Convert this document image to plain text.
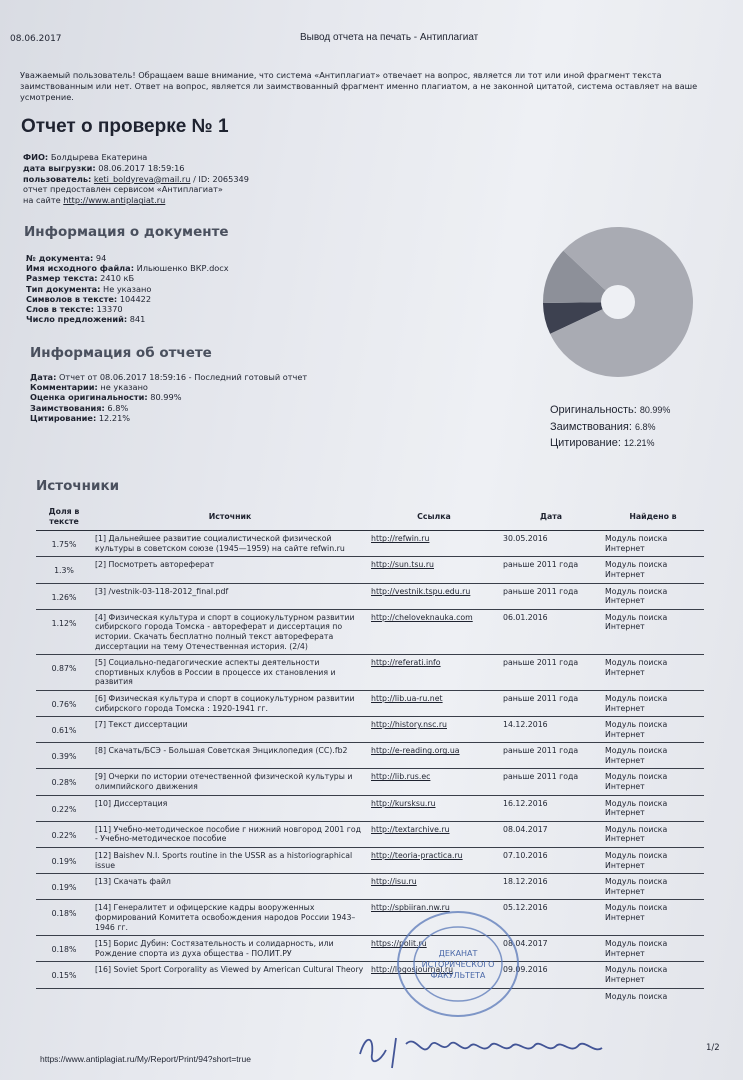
08.06.2017	Вывод отчета на печать - Антиплагиат
Уважаемый пользователь! Обращаем ваше внимание, что система «Антиплагиат» отвечает на вопрос, является ли тот или иной фрагмент текста заимствованным или нет. Ответ на вопрос, является ли заимствованный фрагмент именно плагиатом, а не законной цитатой, система оставляет на ваше усмотрение.
Отчет о проверке № 1
ФИО: Болдырева Екатерина
дата выгрузки: 08.06.2017 18:59:16
пользователь: keti_boldyreva@mail.ru / ID: 2065349
отчет предоставлен сервисом «Антиплагиат»
на сайте http://www.antiplagiat.ru
Информация о документе
№ документа: 94
Имя исходного файла: Ильюшенко ВКР.docx
Размер текста: 2410 кБ
Тип документа: Не указано
Символов в тексте: 104422
Слов в тексте: 13370
Число предложений: 841
Информация об отчете
Дата: Отчет от 08.06.2017 18:59:16 - Последний готовый отчет
Комментарии: не указано
Оценка оригинальности: 80.99%
Заимствования: 6.8%
Цитирование: 12.21%
Оригинальность: 80.99%
Заимствования: 6.8%
Цитирование: 12.21%
Источники
Доля в тексте	Источник	Ссылка	Дата	Найдено в
1.75%	[1] Дальнейшее развитие социалистической физической культуры в советском союзе (1945—1959) на сайте refwin.ru	http://refwin.ru	30.05.2016	Модуль поиска Интернет
1.3%	[2] Посмотреть автореферат	http://sun.tsu.ru	раньше 2011 года	Модуль поиска Интернет
1.26%	[3] /vestnik-03-118-2012_final.pdf	http://vestnik.tspu.edu.ru	раньше 2011 года	Модуль поиска Интернет
1.12%	[4] Физическая культура и спорт в социокультурном развитии сибирского города Томска - автореферат и диссертация по истории. Скачать бесплатно полный текст автореферата диссертации на тему Отечественная история. (2/4)	http://cheloveknauka.com	06.01.2016	Модуль поиска Интернет
0.87%	[5] Социально-педагогические аспекты деятельности спортивных клубов в России в процессе их становления и развития	http://referati.info	раньше 2011 года	Модуль поиска Интернет
0.76%	[6] Физическая культура и спорт в социокультурном развитии сибирского города Томска : 1920-1941 гг.	http://lib.ua-ru.net	раньше 2011 года	Модуль поиска Интернет
0.61%	[7] Текст диссертации	http://history.nsc.ru	14.12.2016	Модуль поиска Интернет
0.39%	[8] Скачать/БСЭ - Большая Советская Энциклопедия (СС).fb2	http://e-reading.org.ua	раньше 2011 года	Модуль поиска Интернет
0.28%	[9] Очерки по истории отечественной физической культуры и олимпийского движения	http://lib.rus.ec	раньше 2011 года	Модуль поиска Интернет
0.22%	[10] Диссертация	http://kursksu.ru	16.12.2016	Модуль поиска Интернет
0.22%	[11] Учебно-методическое пособие г нижний новгород 2001 год - Учебно-методическое пособие	http://textarchive.ru	08.04.2017	Модуль поиска Интернет
0.19%	[12] Baishev N.I. Sports routine in the USSR as a historiographical issue	http://teoria-practica.ru	07.10.2016	Модуль поиска Интернет
0.19%	[13] Скачать файл	http://isu.ru	18.12.2016	Модуль поиска Интернет
0.18%	[14] Генералитет и офицерские кадры вооруженных формирований Комитета освобождения народов России 1943–1946 гг.	http://spbiiran.nw.ru	05.12.2016	Модуль поиска Интернет
0.18%	[15] Борис Дубин: Состязательность и солидарность, или Рождение спорта из духа общества - ПОЛИТ.РУ	https://polit.ru	08.04.2017	Модуль поиска Интернет
0.15%	[16] Soviet Sport Corporality as Viewed by American Cultural Theory	http://logosjournal.ru	09.09.2016	Модуль поиска Интернет
				Модуль поиска
ДЕКАНАТ
ИСТОРИЧЕСКОГО
ФАКУЛЬТЕТА
https://www.antiplagiat.ru/My/Report/Print/94?short=true
1/2
